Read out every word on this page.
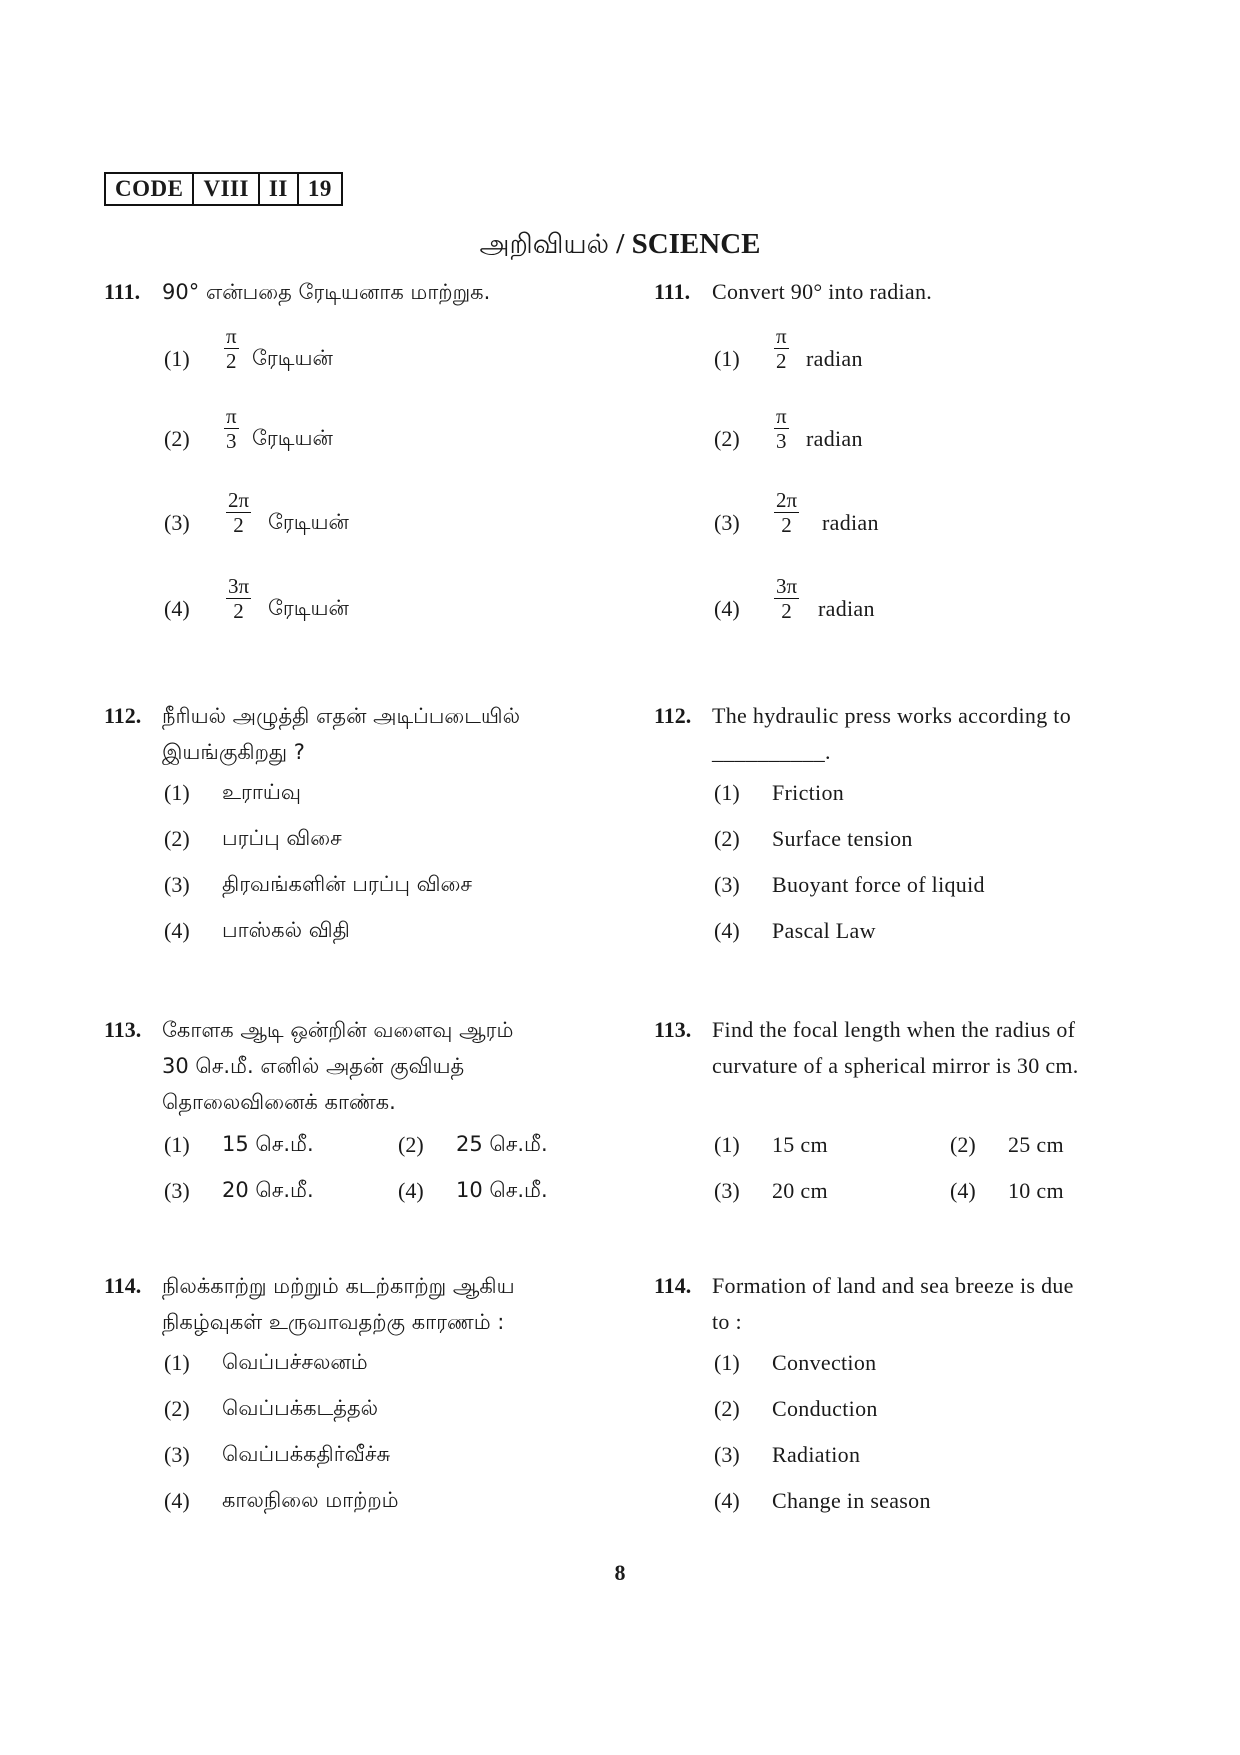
CODE VIII II 19
அறிவியல் / SCIENCE
111. 90° என்பதை ரேடியனாக மாற்றுக.	111. Convert 90° into radian.
$(1) \frac{\pi}{2}$ ரேடியன்
$(2) \frac{\pi}{3}$ ரேடியன்
$(3) \frac{2\pi}{2}$ ரேடியன்
$(4) \frac{3\pi}{2}$ ரேடியன்
$(1) \frac{\pi}{2}$ radian
$(2) \frac{\pi}{3}$ radian
$(3) \frac{2\pi}{2}$ radian
$(4) \frac{3\pi}{2}$ radian
112. நீரியல் அழுத்தி எதன் அடிப்படையில்
இயங்குகிறது ?
112. The hydraulic press works according to
__________.
(1) உராய்வு
(2) பரப்பு விசை
(3) திரவங்களின் பரப்பு விசை
(4) பாஸ்கல் விதி
(1) Friction
(2) Surface tension
(3) Buoyant force of liquid
(4) Pascal Law
113. கோளக ஆடி ஒன்றின் வளைவு ஆரம்
30 செ.மீ. எனில் அதன் குவியத்
தொலைவினைக் காண்க.
113. Find the focal length when the radius of
curvature of a spherical mirror is 30 cm.
(1) 15 செ.மீ.	(2) 25 செ.மீ.
(3) 20 செ.மீ.	(4) 10 செ.மீ.
(1) 15 cm	(2) 25 cm
(3) 20 cm	(4) 10 cm
114. நிலக்காற்று மற்றும் கடற்காற்று ஆகிய
நிகழ்வுகள் உருவாவதற்கு காரணம் :
114. Formation of land and sea breeze is due
to :
(1) வெப்பச்சலனம்
(2) வெப்பக்கடத்தல்
(3) வெப்பக்கதிர்வீச்சு
(4) காலநிலை மாற்றம்
(1) Convection
(2) Conduction
(3) Radiation
(4) Change in season
8
